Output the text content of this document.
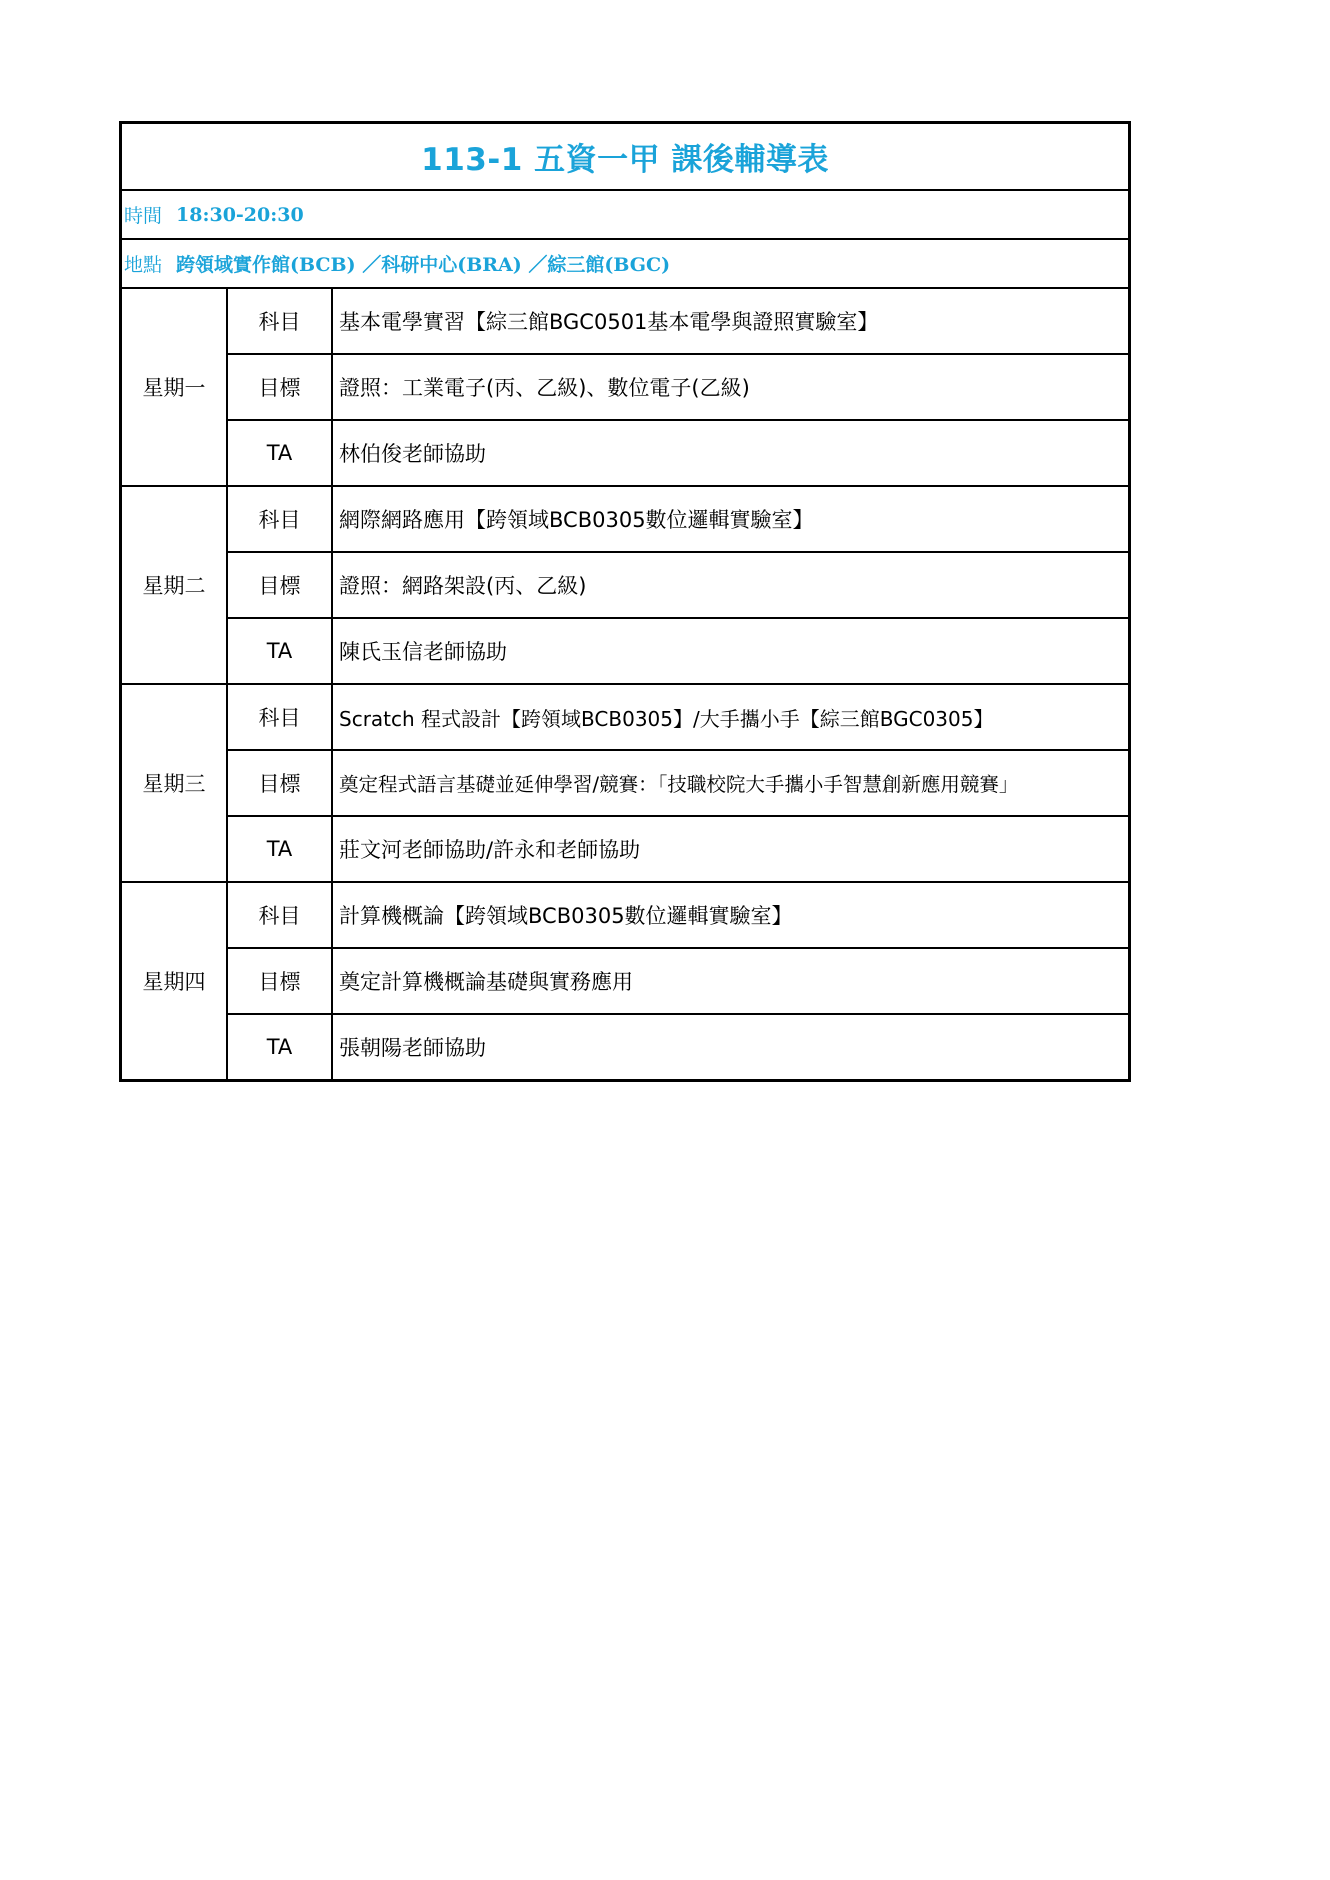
113-1 五資一甲 課後輔導表
時間 18:30-20:30
地點 跨領域實作館(BCB) ／科研中心(BRA) ／綜三館(BGC)
星期一
科目	基本電學實習【綜三館BGC0501基本電學與證照實驗室】
目標	證照：工業電子(丙、乙級)、數位電子(乙級)
TA	林伯俊老師協助
星期二
科目	網際網路應用【跨領域BCB0305數位邏輯實驗室】
目標	證照：網路架設(丙、乙級)
TA	陳氏玉信老師協助
星期三
科目	Scratch 程式設計【跨領域BCB0305】/大手攜小手【綜三館BGC0305】
目標	奠定程式語言基礎並延伸學習/競賽：「技職校院大手攜小手智慧創新應用競賽」
TA	莊文河老師協助/許永和老師協助
星期四
科目	計算機概論【跨領域BCB0305數位邏輯實驗室】
目標	奠定計算機概論基礎與實務應用
TA	張朝陽老師協助
